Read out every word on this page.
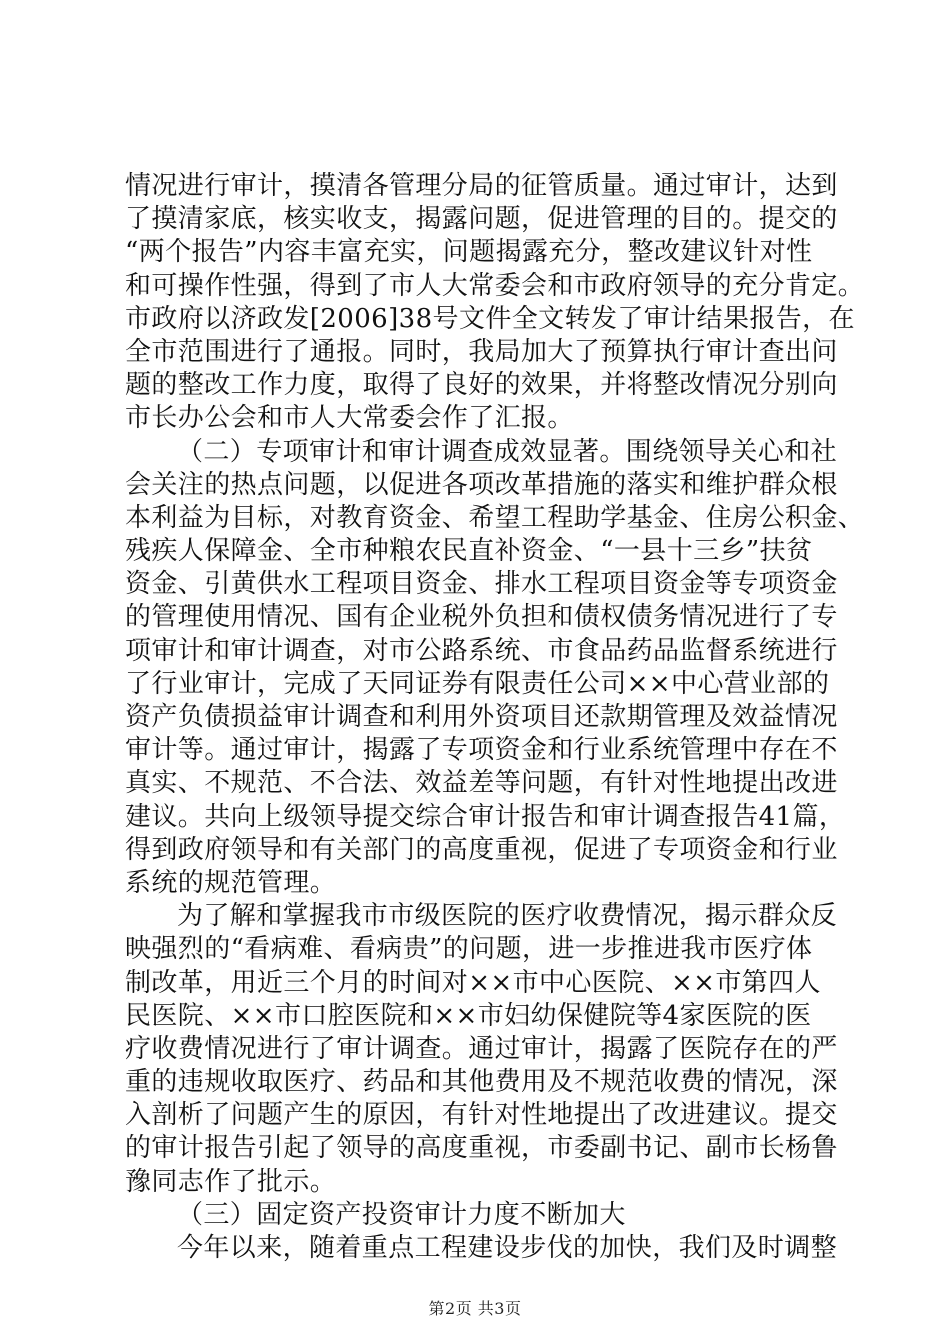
情况进行审计，摸清各管理分局的征管质量。通过审计，达到
了摸清家底，核实收支，揭露问题，促进管理的目的。提交的
“两个报告”内容丰富充实，问题揭露充分，整改建议针对性
和可操作性强，得到了市人大常委会和市政府领导的充分肯定。
市政府以济政发[2006]38号文件全文转发了审计结果报告，在
全市范围进行了通报。同时，我局加大了预算执行审计查出问
题的整改工作力度，取得了良好的效果，并将整改情况分别向
市长办公会和市人大常委会作了汇报。
（二）专项审计和审计调查成效显著。围绕领导关心和社
会关注的热点问题，以促进各项改革措施的落实和维护群众根
本利益为目标，对教育资金、希望工程助学基金、住房公积金、
残疾人保障金、全市种粮农民直补资金、“一县十三乡”扶贫
资金、引黄供水工程项目资金、排水工程项目资金等专项资金
的管理使用情况、国有企业税外负担和债权债务情况进行了专
项审计和审计调查，对市公路系统、市食品药品监督系统进行
了行业审计，完成了天同证券有限责任公司××中心营业部的
资产负债损益审计调查和利用外资项目还款期管理及效益情况
审计等。通过审计，揭露了专项资金和行业系统管理中存在不
真实、不规范、不合法、效益差等问题，有针对性地提出改进
建议。共向上级领导提交综合审计报告和审计调查报告41篇，
得到政府领导和有关部门的高度重视，促进了专项资金和行业
系统的规范管理。
为了解和掌握我市市级医院的医疗收费情况，揭示群众反
映强烈的“看病难、看病贵”的问题，进一步推进我市医疗体
制改革，用近三个月的时间对××市中心医院、××市第四人
民医院、××市口腔医院和××市妇幼保健院等4家医院的医
疗收费情况进行了审计调查。通过审计，揭露了医院存在的严
重的违规收取医疗、药品和其他费用及不规范收费的情况，深
入剖析了问题产生的原因，有针对性地提出了改进建议。提交
的审计报告引起了领导的高度重视，市委副书记、副市长杨鲁
豫同志作了批示。
（三）固定资产投资审计力度不断加大
今年以来，随着重点工程建设步伐的加快，我们及时调整
第2页 共3页
